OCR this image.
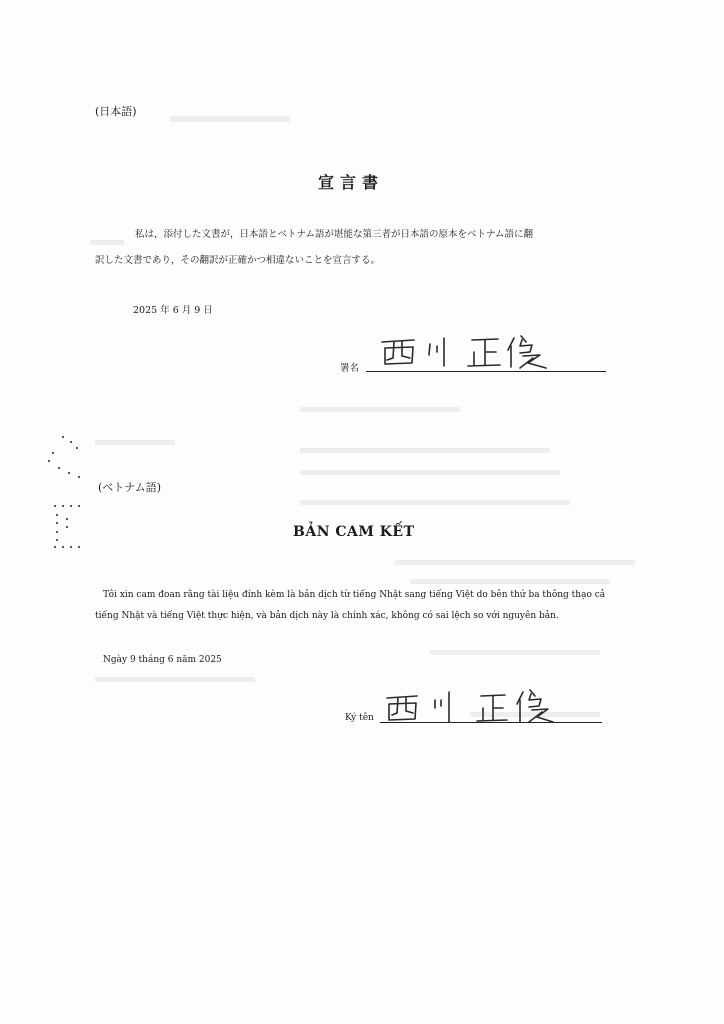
(日本語)
宣言書
私は，添付した文書が，日本語とベトナム語が堪能な第三者が日本語の原本をベトナム語に翻
訳した文書であり，その翻訳が正確かつ相違ないことを宣言する。
2025 年 6 月 9 日
署名
(ベトナム語)
BẢN CAM KẾT
Tôi xin cam đoan rằng tài liệu đính kèm là bản dịch từ tiếng Nhật sang tiếng Việt do bên thứ ba thông thạo cả
tiếng Nhật và tiếng Việt thực hiện, và bản dịch này là chính xác, không có sai lệch so với nguyên bản.
Ngày 9 tháng 6 năm 2025
Ký tên
